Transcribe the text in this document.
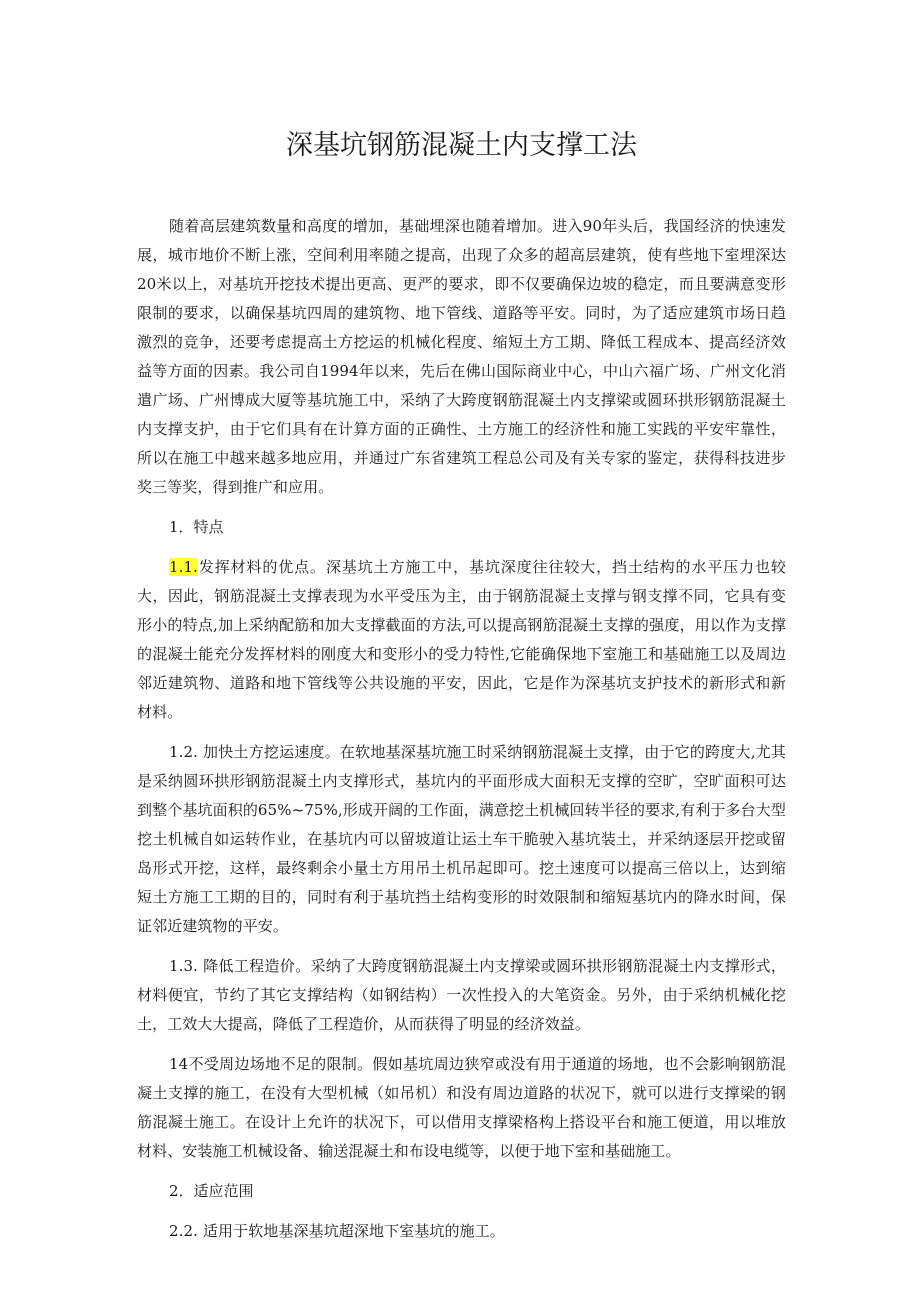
深基坑钢筋混凝土内支撑工法

随着高层建筑数量和高度的增加，基础埋深也随着增加。进入90年头后，我国经济的快速发展，城市地价不断上涨，空间利用率随之提高，出现了众多的超高层建筑，使有些地下室埋深达20米以上，对基坑开挖技术提出更高、更严的要求，即不仅要确保边坡的稳定，而且要满意变形限制的要求，以确保基坑四周的建筑物、地下管线、道路等平安。同时，为了适应建筑市场日趋激烈的竞争，还要考虑提高土方挖运的机械化程度、缩短土方工期、降低工程成本、提高经济效益等方面的因素。我公司自1994年以来，先后在佛山国际商业中心，中山六福广场、广州文化消遣广场、广州博成大厦等基坑施工中，采纳了大跨度钢筋混凝土内支撑梁或圆环拱形钢筋混凝土内支撑支护，由于它们具有在计算方面的正确性、土方施工的经济性和施工实践的平安牢靠性，所以在施工中越来越多地应用，并通过广东省建筑工程总公司及有关专家的鉴定，获得科技进步奖三等奖，得到推广和应用。

1．特点

1.1.发挥材料的优点。深基坑土方施工中，基坑深度往往较大，挡土结构的水平压力也较大，因此，钢筋混凝土支撑表现为水平受压为主，由于钢筋混凝土支撑与钢支撑不同，它具有变形小的特点,加上采纳配筋和加大支撑截面的方法,可以提高钢筋混凝土支撑的强度，用以作为支撑的混凝土能充分发挥材料的刚度大和变形小的受力特性,它能确保地下室施工和基础施工以及周边邻近建筑物、道路和地下管线等公共设施的平安，因此，它是作为深基坑支护技术的新形式和新材料。

1.2. 加快土方挖运速度。在软地基深基坑施工时采纳钢筋混凝土支撑，由于它的跨度大,尤其是采纳圆环拱形钢筋混凝土内支撑形式，基坑内的平面形成大面积无支撑的空旷，空旷面积可达到整个基坑面积的65%~75%,形成开阔的工作面，满意挖土机械回转半径的要求,有利于多台大型挖土机械自如运转作业，在基坑内可以留坡道让运土车干脆驶入基坑装土，并采纳逐层开挖或留岛形式开挖，这样，最终剩余小量土方用吊土机吊起即可。挖土速度可以提高三倍以上，达到缩短土方施工工期的目的，同时有利于基坑挡土结构变形的时效限制和缩短基坑内的降水时间，保证邻近建筑物的平安。

1.3. 降低工程造价。采纳了大跨度钢筋混凝土内支撑梁或圆环拱形钢筋混凝土内支撑形式，材料便宜，节约了其它支撑结构（如钢结构）一次性投入的大笔资金。另外，由于采纳机械化挖土，工效大大提高，降低了工程造价，从而获得了明显的经济效益。

14不受周边场地不足的限制。假如基坑周边狭窄或没有用于通道的场地，也不会影响钢筋混凝土支撑的施工，在没有大型机械（如吊机）和没有周边道路的状况下，就可以进行支撑梁的钢筋混凝土施工。在设计上允许的状况下，可以借用支撑梁格构上搭设平台和施工便道，用以堆放材料、安装施工机械设备、输送混凝土和布设电缆等，以便于地下室和基础施工。

2．适应范围

2.2. 适用于软地基深基坑超深地下室基坑的施工。
